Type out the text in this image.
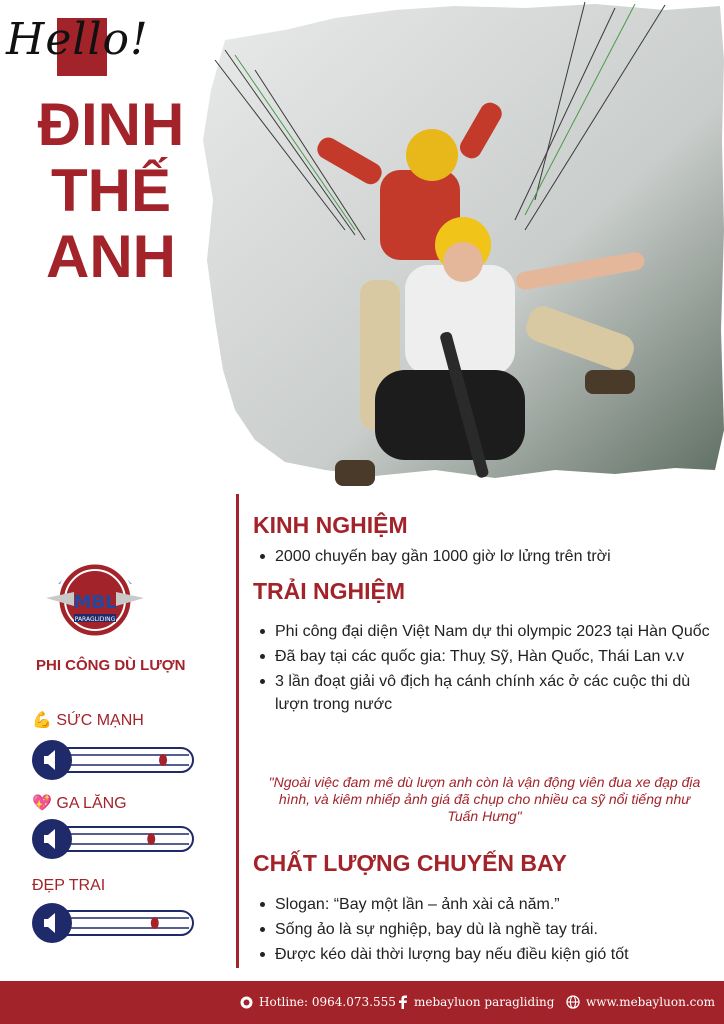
Hello!
ĐINH
THẾ
ANH
MBL
PARAGLIDING
PHI CÔNG DÙ LƯỢN
💪 SỨC MẠNH
💖 GA LĂNG
ĐẸP TRAI
KINH NGHIỆM
2000 chuyến bay gần 1000 giờ lơ lửng trên trời
TRẢI NGHIỆM
Phi công đại diện Việt Nam dự thi olympic 2023 tại Hàn Quốc
Đã bay tại các quốc gia: Thuỵ Sỹ, Hàn Quốc, Thái Lan v.v
3 lần đoạt giải vô địch hạ cánh chính xác ở các cuộc thi dù lượn trong nước
"Ngoài việc đam mê dù lượn anh còn là vận động viên đua xe đạp địa hình, và kiêm nhiếp ảnh giá đã chụp cho nhiều ca sỹ nổi tiếng như Tuấn Hưng"
CHẤT LƯỢNG CHUYẾN BAY
Slogan: “Bay một lần – ảnh xài cả năm.”
Sống ảo là sự nghiệp, bay dù là nghề tay trái.
Được kéo dài thời lượng bay nếu điều kiện gió tốt
Hotline: 0964.073.555 mebayluon paragliding	www.mebayluon.com
